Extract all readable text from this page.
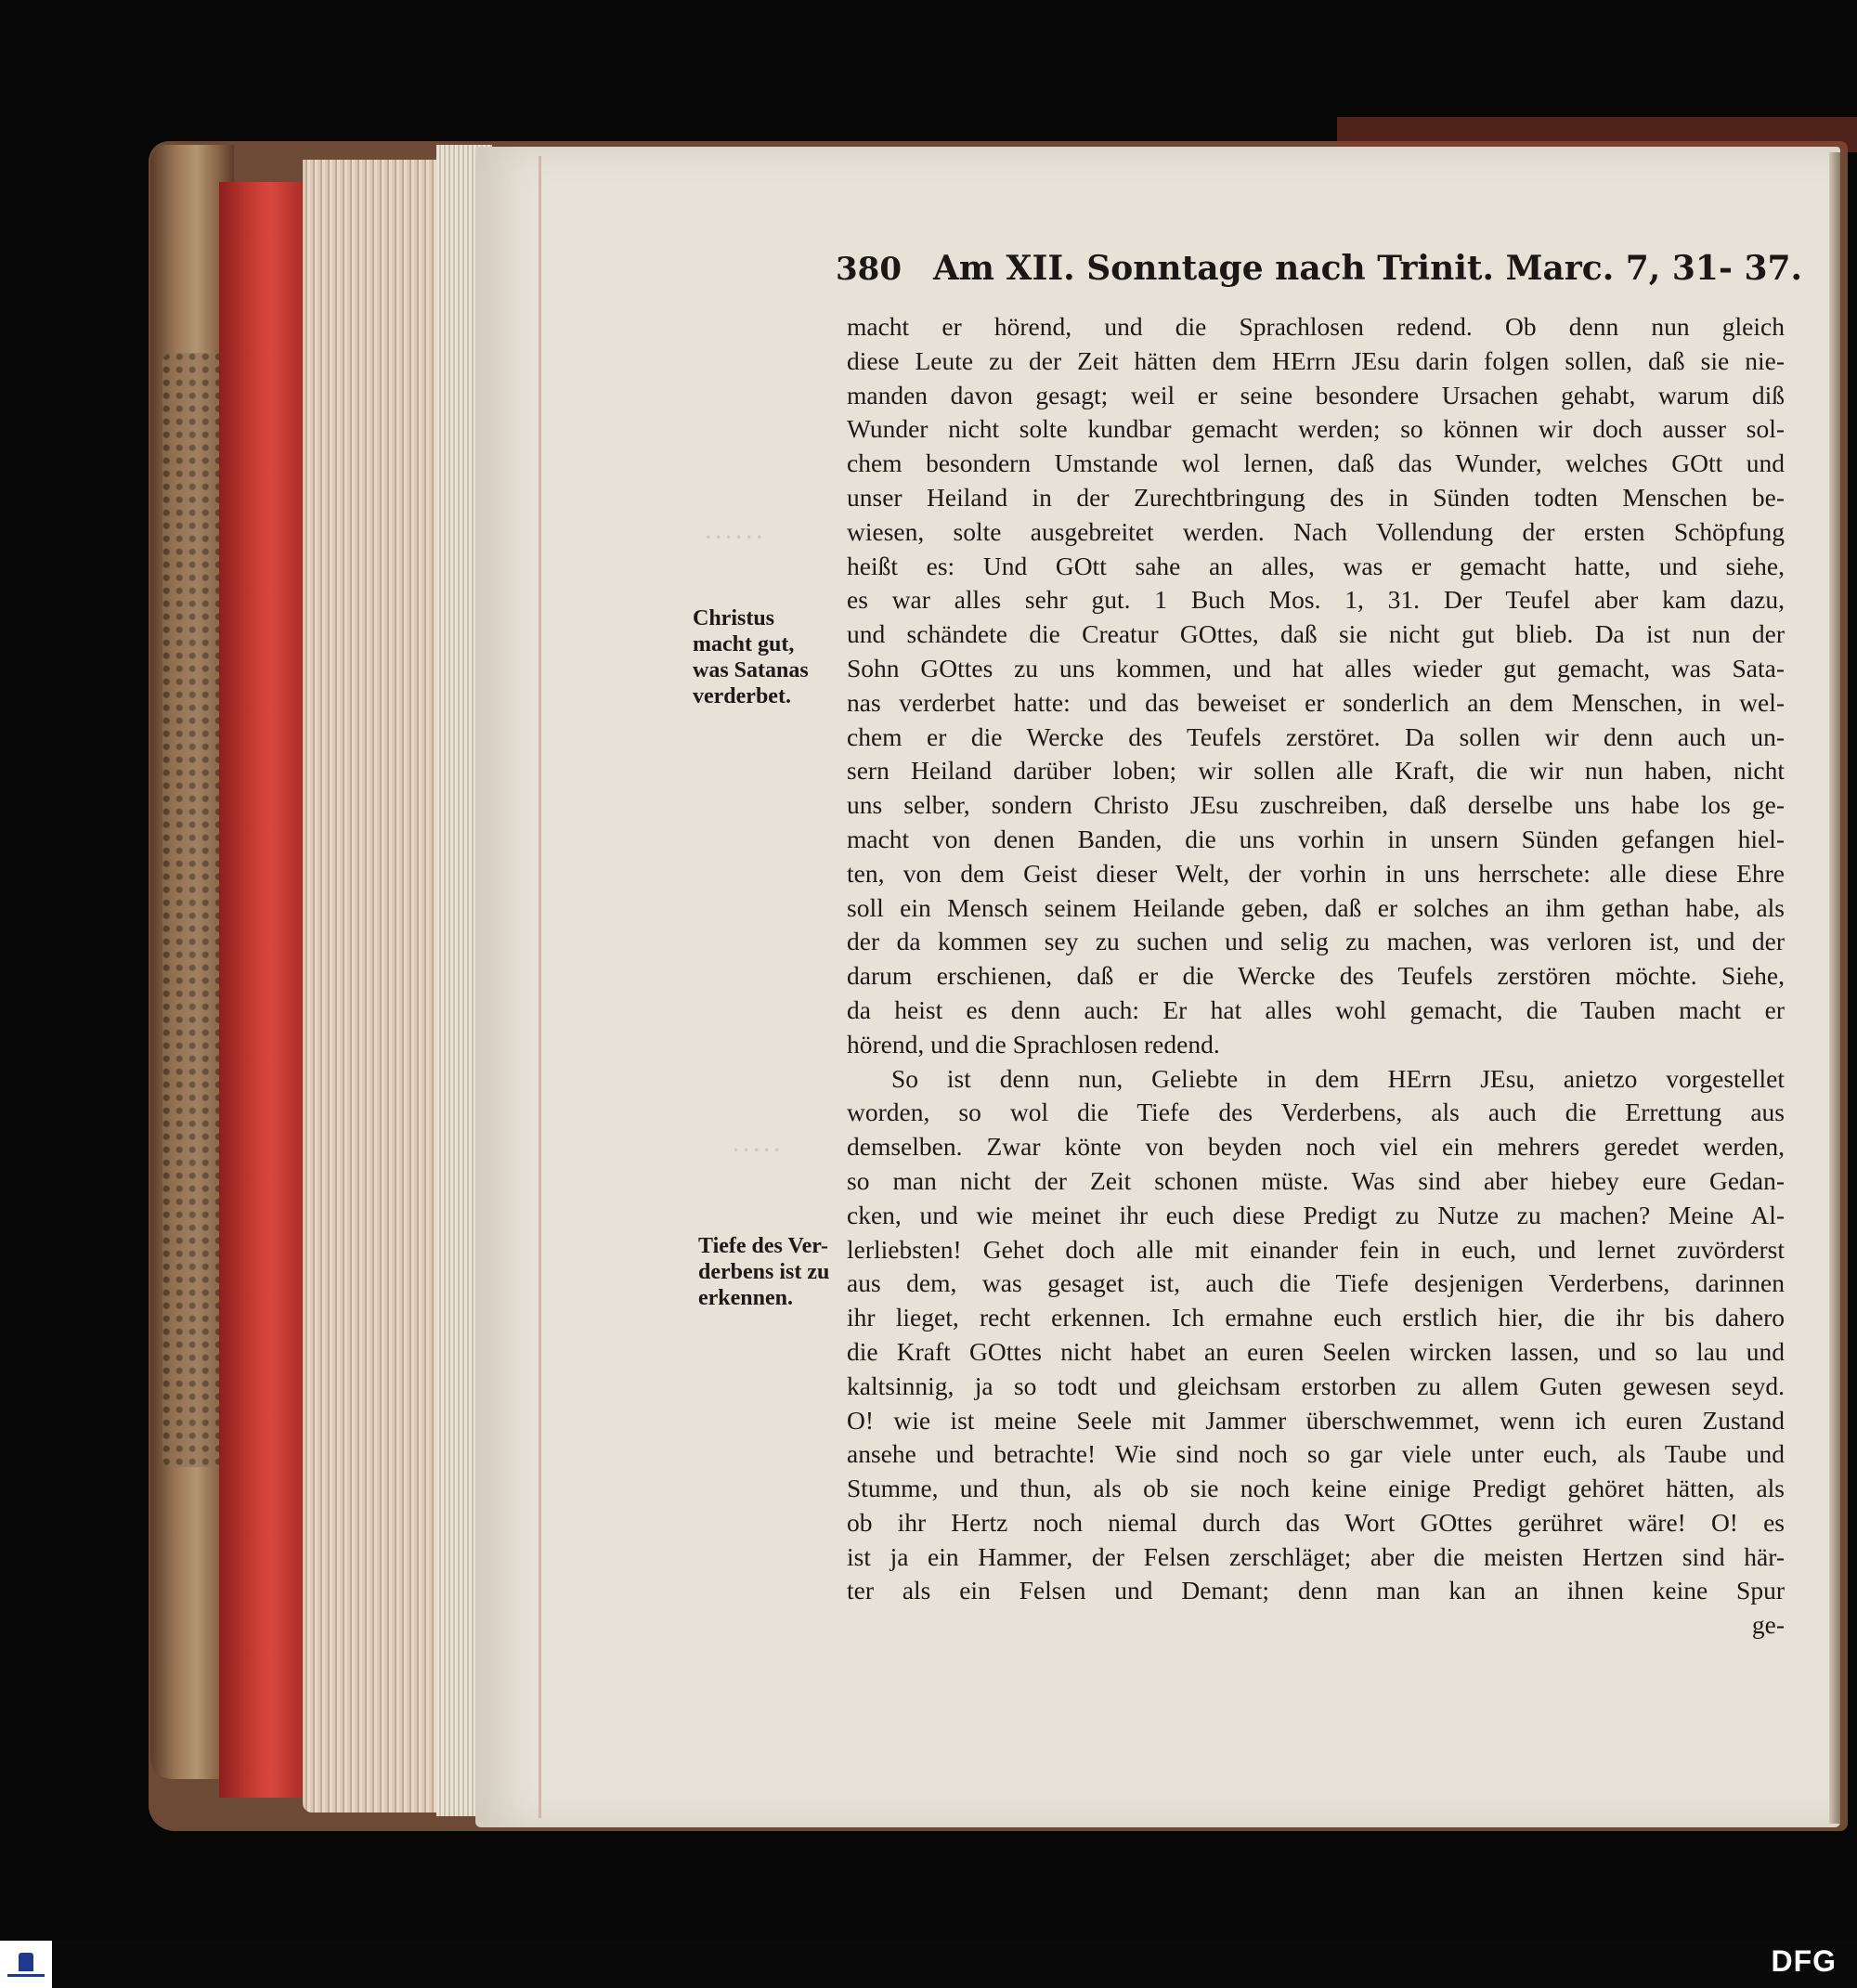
. . . . . .
. . . . .
380 Am XII. Sonntage nach Trinit. Marc. 7, 31- 37.
macht er hörend, und die Sprachlosen redend. Ob denn nun gleich
diese Leute zu der Zeit hätten dem HErrn JEsu darin folgen sollen, daß sie nie-
manden davon gesagt; weil er seine besondere Ursachen gehabt, warum diß
Wunder nicht solte kundbar gemacht werden; so können wir doch ausser sol-
chem besondern Umstande wol lernen, daß das Wunder, welches GOtt und
unser Heiland in der Zurechtbringung des in Sünden todten Menschen be-
wiesen, solte ausgebreitet werden. Nach Vollendung der ersten Schöpfung
heißt es: Und GOtt sahe an alles, was er gemacht hatte, und siehe,
es war alles sehr gut. 1 Buch Mos. 1, 31. Der Teufel aber kam dazu,
und schändete die Creatur GOttes, daß sie nicht gut blieb. Da ist nun der
Sohn GOttes zu uns kommen, und hat alles wieder gut gemacht, was Sata-
nas verderbet hatte: und das beweiset er sonderlich an dem Menschen, in wel-
chem er die Wercke des Teufels zerstöret. Da sollen wir denn auch un-
sern Heiland darüber loben; wir sollen alle Kraft, die wir nun haben, nicht
uns selber, sondern Christo JEsu zuschreiben, daß derselbe uns habe los ge-
macht von denen Banden, die uns vorhin in unsern Sünden gefangen hiel-
ten, von dem Geist dieser Welt, der vorhin in uns herrschete: alle diese Ehre
soll ein Mensch seinem Heilande geben, daß er solches an ihm gethan habe, als
der da kommen sey zu suchen und selig zu machen, was verloren ist, und der
darum erschienen, daß er die Wercke des Teufels zerstören möchte. Siehe,
da heist es denn auch: Er hat alles wohl gemacht, die Tauben macht er
hörend, und die Sprachlosen redend.
So ist denn nun, Geliebte in dem HErrn JEsu, anietzo vorgestellet
worden, so wol die Tiefe des Verderbens, als auch die Errettung aus
demselben. Zwar könte von beyden noch viel ein mehrers geredet werden,
so man nicht der Zeit schonen müste. Was sind aber hiebey eure Gedan-
cken, und wie meinet ihr euch diese Predigt zu Nutze zu machen? Meine Al-
lerliebsten! Gehet doch alle mit einander fein in euch, und lernet zuvörderst
aus dem, was gesaget ist, auch die Tiefe desjenigen Verderbens, darinnen
ihr lieget, recht erkennen. Ich ermahne euch erstlich hier, die ihr bis dahero
die Kraft GOttes nicht habet an euren Seelen wircken lassen, und so lau und
kaltsinnig, ja so todt und gleichsam erstorben zu allem Guten gewesen seyd.
O! wie ist meine Seele mit Jammer überschwemmet, wenn ich euren Zustand
ansehe und betrachte! Wie sind noch so gar viele unter euch, als Taube und
Stumme, und thun, als ob sie noch keine einige Predigt gehöret hätten, als
ob ihr Hertz noch niemal durch das Wort GOttes gerühret wäre! O! es
ist ja ein Hammer, der Felsen zerschläget; aber die meisten Hertzen sind här-
ter als ein Felsen und Demant; denn man kan an ihnen keine Spur
ge-
Christus
macht gut,
was Satanas
verderbet.
Tiefe des Ver-
derbens ist zu
erkennen.
DFG
